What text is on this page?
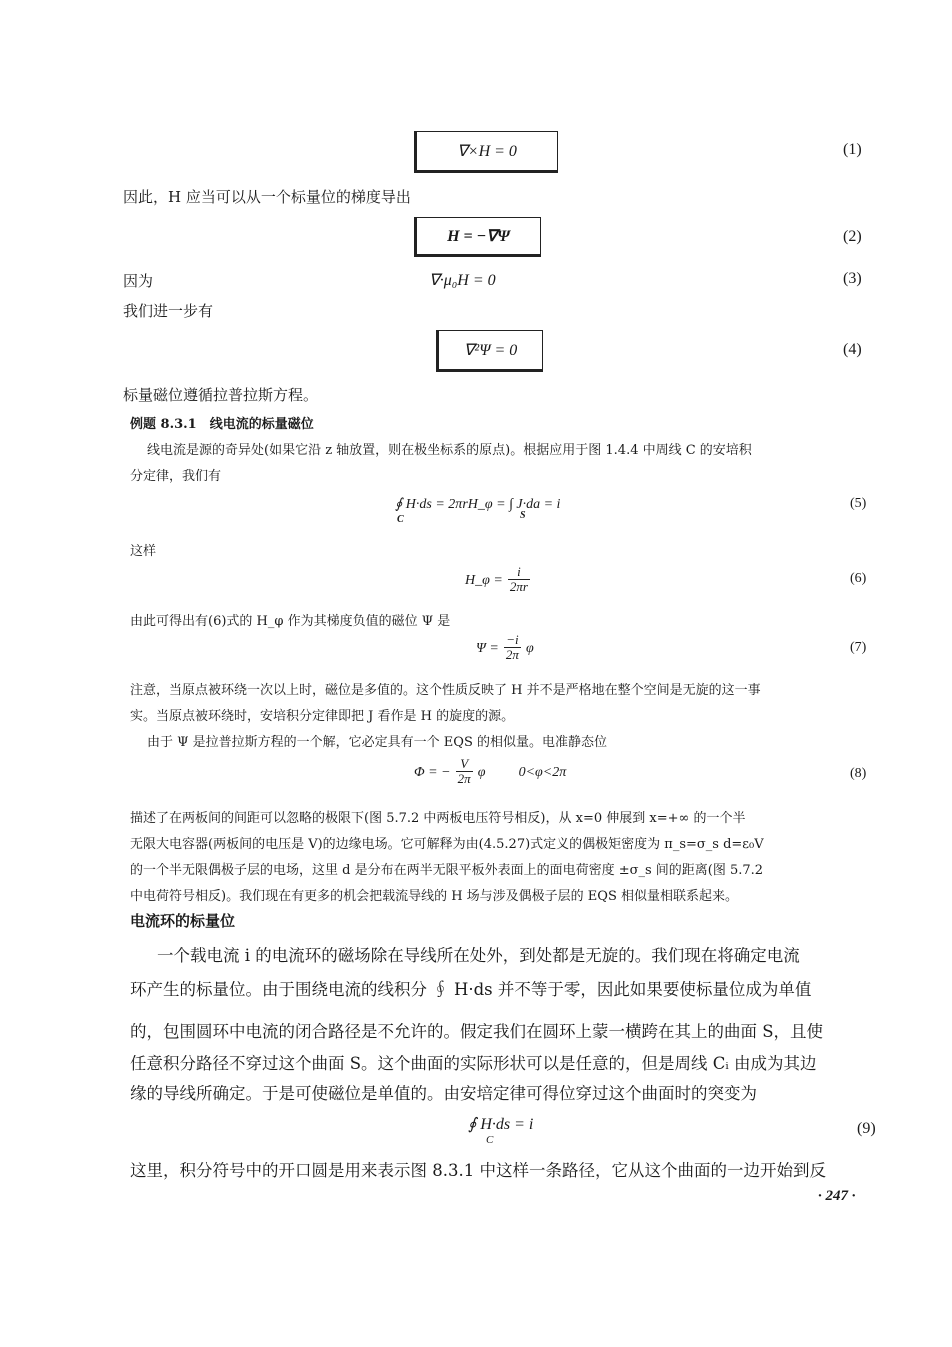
∇×H = 0	(1)
因此，H 应当可以从一个标量位的梯度导出
H = −∇Ψ	(2)
因为	∇·μ₀H = 0	(3)
我们进一步有
∇²Ψ = 0	(4)
标量磁位遵循拉普拉斯方程。
例题 8.3.1　线电流的标量磁位
线电流是源的奇异处(如果它沿 z 轴放置，则在极坐标系的原点)。根据应用于图 1.4.4 中周线 C 的安培积
分定律，我们有
∮ H·ds = 2πrH_φ = ∫ J·da = i
C	S
(5)
这样
H_φ = $\frac{i}{2\pi r}$	(6)
由此可得出有(6)式的 H_φ 作为其梯度负值的磁位 Ψ 是
$\Psi = \frac{-i}{2\pi}$ φ	(7)
注意，当原点被环绕一次以上时，磁位是多值的。这个性质反映了 H 并不是严格地在整个空间是无旋的这一事
实。当原点被环绕时，安培积分定律即把 J 看作是 H 的旋度的源。
由于 Ψ 是拉普拉斯方程的一个解，它必定具有一个 EQS 的相似量。电准静态位
Φ = − $\frac{V}{2\pi}$ φ 0<φ<2π	(8)
描述了在两板间的间距可以忽略的极限下(图 5.7.2 中两板电压符号相反)，从 x=0 伸展到 x=+∞ 的一个半
无限大电容器(两板间的电压是 V)的边缘电场。它可解释为由(4.5.27)式定义的偶极矩密度为 π_s=σ_s d=ε₀V
的一个半无限偶极子层的电场，这里 d 是分布在两半无限平板外表面上的面电荷密度 ±σ_s 间的距离(图 5.7.2
中电荷符号相反)。我们现在有更多的机会把载流导线的 H 场与涉及偶极子层的 EQS 相似量相联系起来。
电流环的标量位
一个载电流 i 的电流环的磁场除在导线所在处外，到处都是无旋的。我们现在将确定电流
环产生的标量位。由于围绕电流的线积分 ∮ H·ds 并不等于零，因此如果要使标量位成为单值
的，包围圆环中电流的闭合路径是不允许的。假定我们在圆环上蒙一横跨在其上的曲面 S，且使
任意积分路径不穿过这个曲面 S。这个曲面的实际形状可以是任意的，但是周线 Cᵢ 由成为其边
缘的导线所确定。于是可使磁位是单值的。由安培定律可得位穿过这个曲面时的突变为
∮ H·ds = i
C
(9)
这里，积分符号中的开口圆是用来表示图 8.3.1 中这样一条路径，它从这个曲面的一边开始到反
· 247 ·
